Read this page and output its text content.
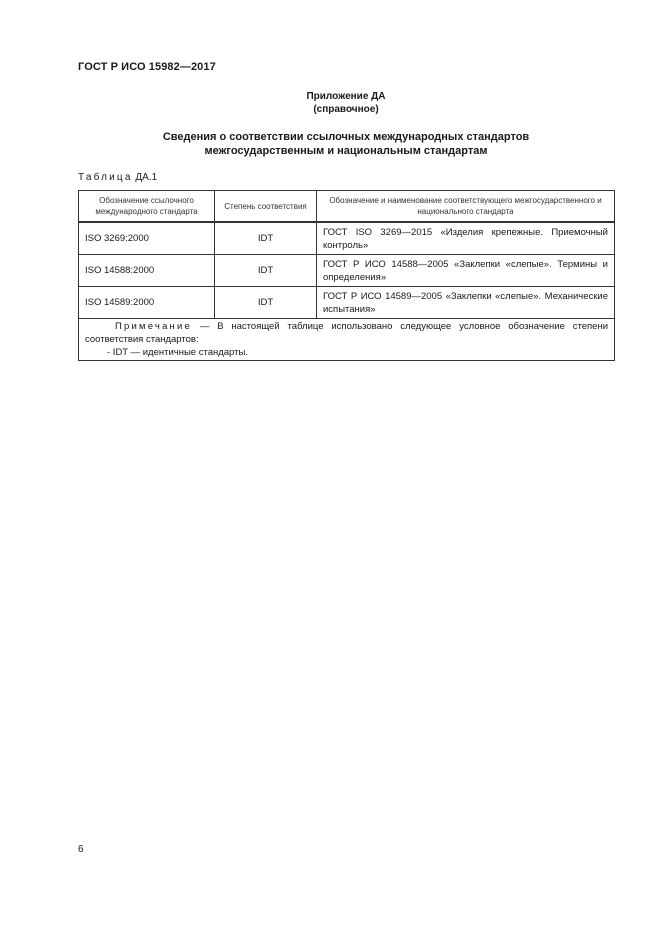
ГОСТ Р ИСО 15982—2017
Приложение ДА
(справочное)
Сведения о соответствии ссылочных международных стандартов
межгосударственным и национальным стандартам
Таблица ДА.1
Обозначение ссылочного международного стандарта	Степень соответствия	Обозначение и наименование соответствующего межгосударственного и национального стандарта
ISO 3269:2000	IDT	ГОСТ ISO 3269—2015 «Изделия крепежные. Приемочный контроль»
ISO 14588:2000	IDT	ГОСТ Р ИСО 14588—2005 «Заклепки «слепые». Термины и определения»
ISO 14589:2000	IDT	ГОСТ Р ИСО 14589—2005 «Заклепки «слепые». Механические испытания»

Примечание — В настоящей таблице использовано следующее условное обозначение степени соответствия стандартов:
- IDT — идентичные стандарты.		
6
